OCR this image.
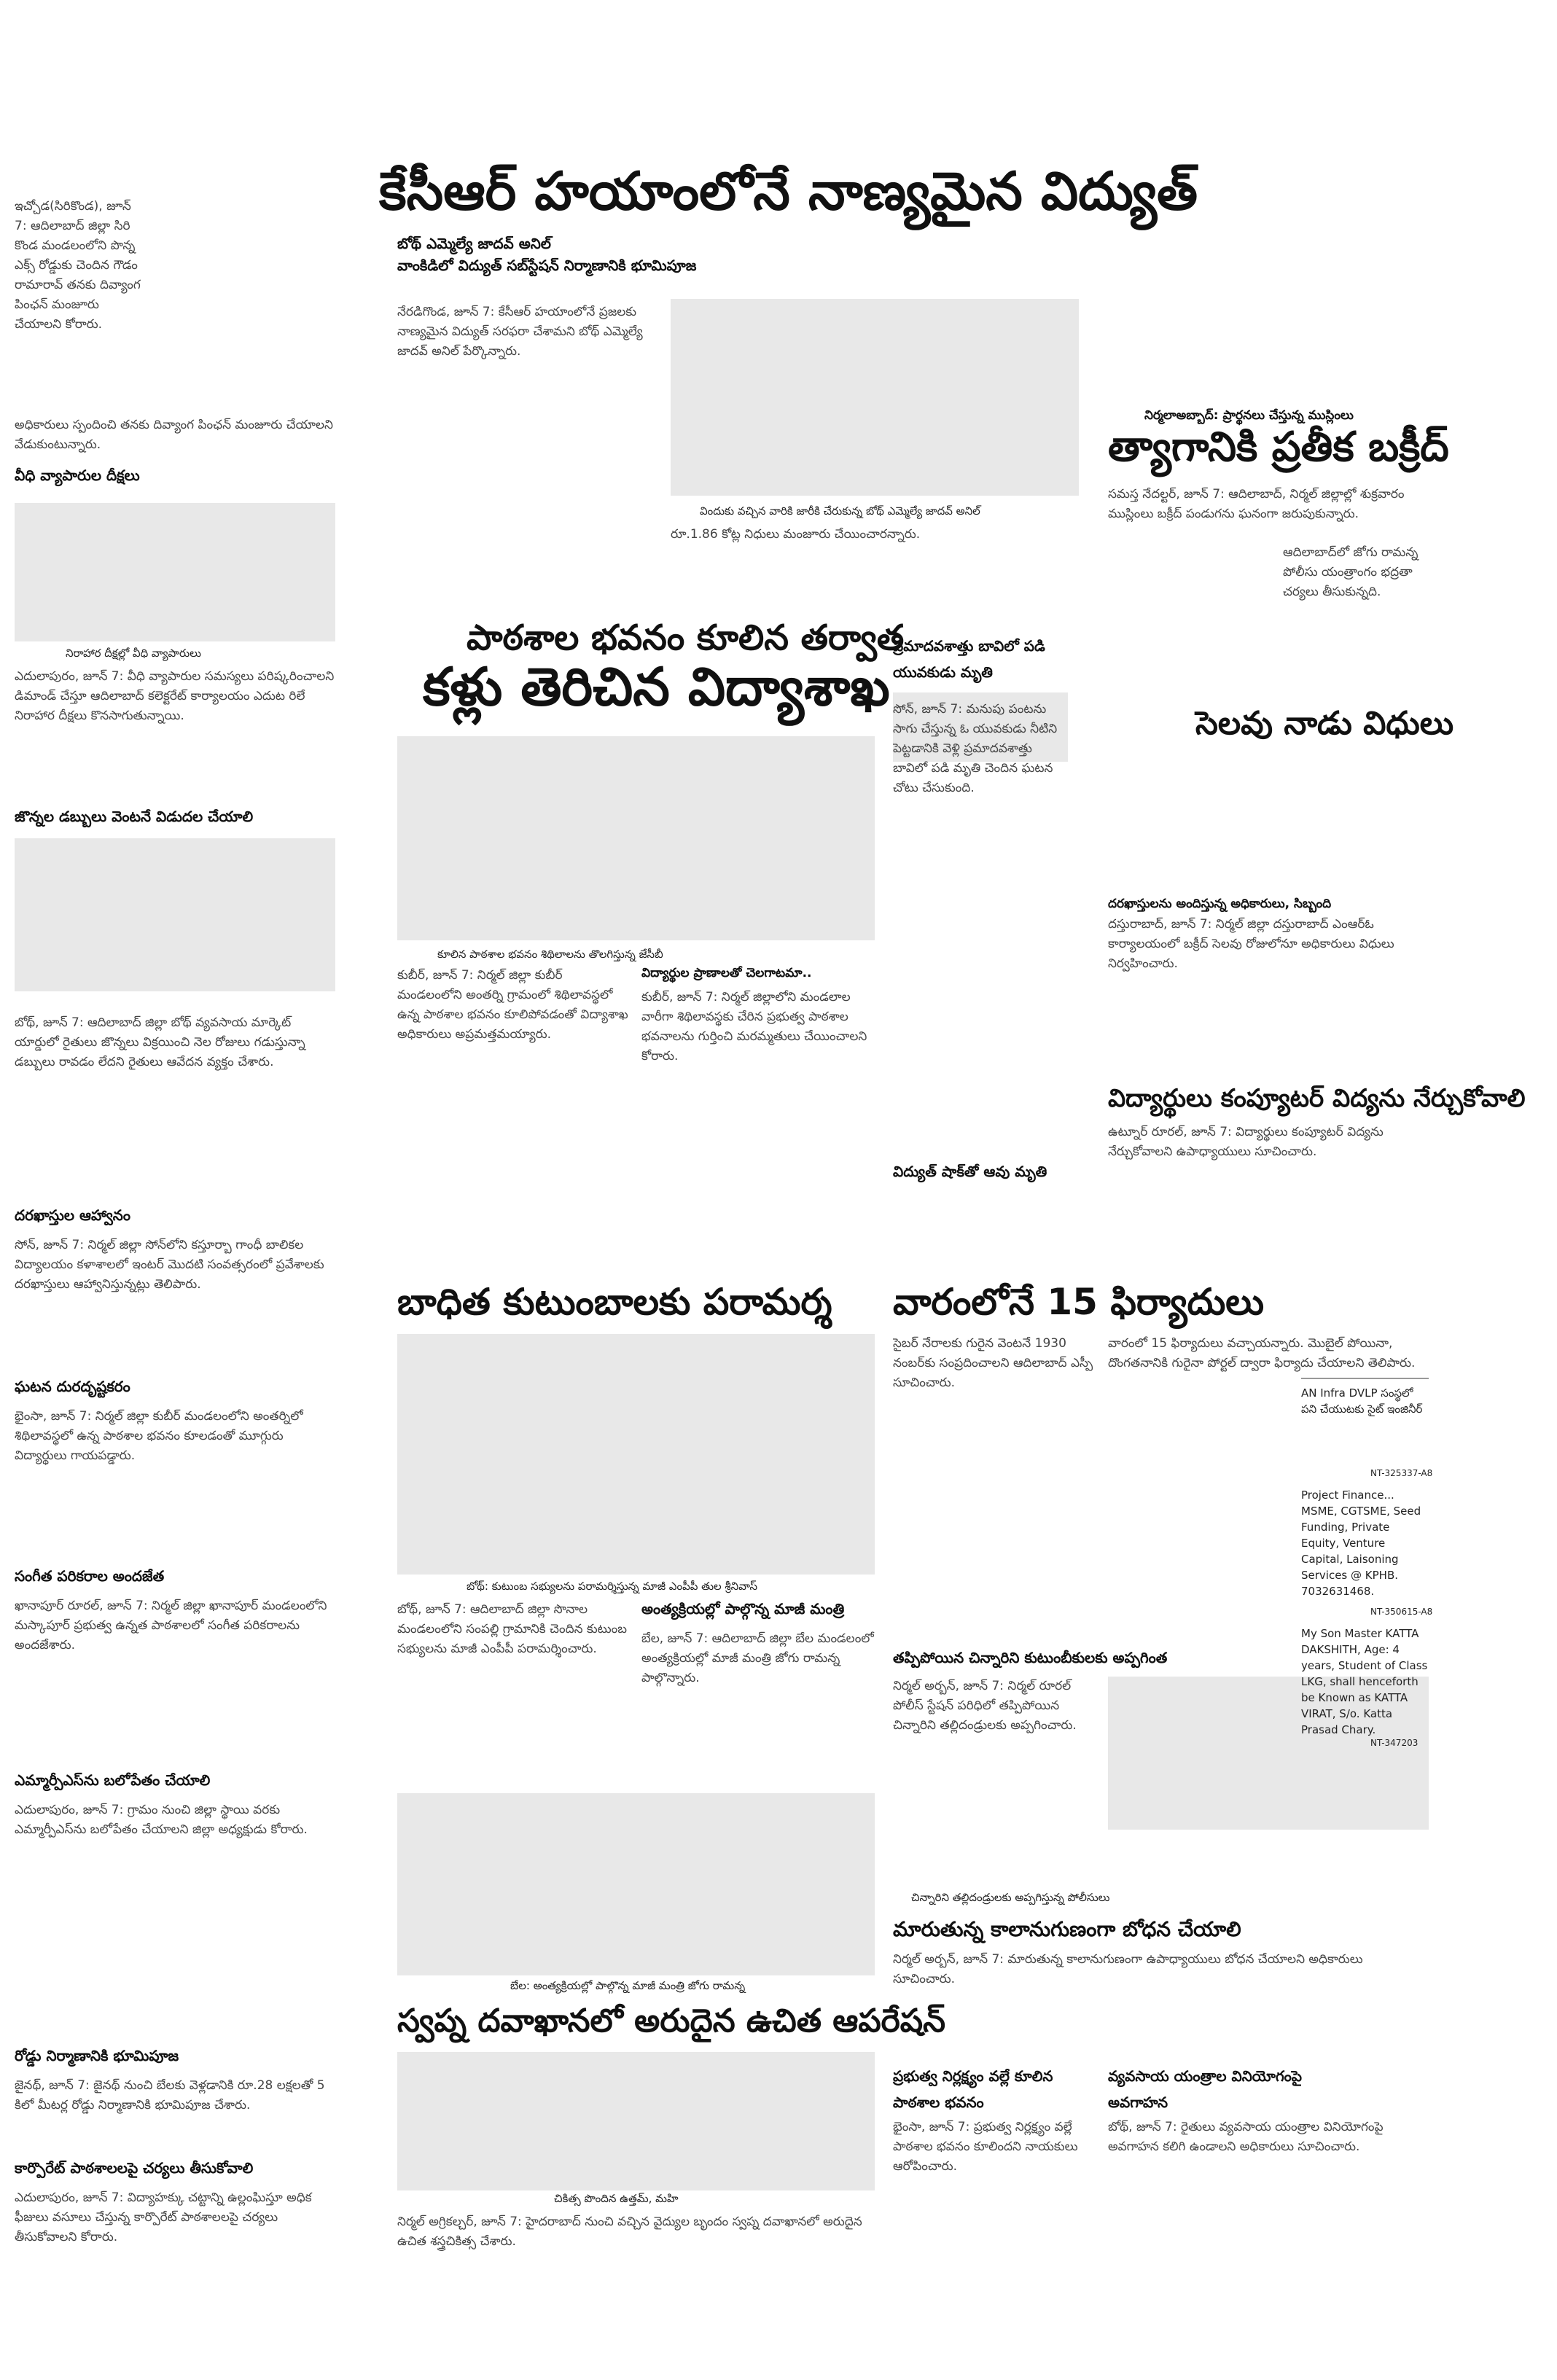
ఇచ్చోడ(సిరికొండ), జూన్ 7: ఆదిలాబాద్ జిల్లా సిరి కొండ మండలంలోని పొన్న ఎక్స్ రోడ్డుకు చెందిన గౌడం రామారావ్ తనకు దివ్యాంగ పింఛన్ మంజూరు చేయాలని కోరారు.
అధికారులు స్పందించి తనకు దివ్యాంగ పింఛన్ మంజూరు చేయాలని వేడుకుంటున్నారు.
వీధి వ్యాపారుల దీక్షలు
నిరాహార దీక్షల్లో వీధి వ్యాపారులు
ఎదులాపురం, జూన్ 7: వీధి వ్యాపారుల సమస్యలు పరిష్కరించాలని డిమాండ్ చేస్తూ ఆదిలాబాద్ కలెక్టరేట్ కార్యాలయం ఎదుట రిలే నిరాహార దీక్షలు కొనసాగుతున్నాయి.
జొన్నల డబ్బులు వెంటనే విడుదల చేయాలి
బోథ్, జూన్ 7: ఆదిలాబాద్ జిల్లా బోథ్ వ్యవసాయ మార్కెట్ యార్డులో రైతులు జొన్నలు విక్రయించి నెల రోజులు గడుస్తున్నా డబ్బులు రావడం లేదని రైతులు ఆవేదన వ్యక్తం చేశారు.
దరఖాస్తుల ఆహ్వానం
సోన్, జూన్ 7: నిర్మల్ జిల్లా సోన్‌లోని కస్తూర్బా గాంధీ బాలికల విద్యాలయం కళాశాలలో ఇంటర్ మొదటి సంవత్సరంలో ప్రవేశాలకు దరఖాస్తులు ఆహ్వానిస్తున్నట్లు తెలిపారు.
ఘటన దురదృష్టకరం
భైంసా, జూన్ 7: నిర్మల్ జిల్లా కుబీర్ మండలంలోని అంతర్నిలో శిథిలావస్థలో ఉన్న పాఠశాల భవనం కూలడంతో మూగ్గురు విద్యార్థులు గాయపడ్డారు.
సంగీత పరికరాల అందజేత
ఖానాపూర్ రూరల్, జూన్ 7: నిర్మల్ జిల్లా ఖానాపూర్ మండలంలోని మస్కాపూర్ ప్రభుత్వ ఉన్నత పాఠశాలలో సంగీత పరికరాలను అందజేశారు.
ఎమ్మార్పీఎస్‌ను బలోపేతం చేయాలి
ఎదులాపురం, జూన్ 7: గ్రామం నుంచి జిల్లా స్థాయి వరకు ఎమ్మార్పీఎస్‌ను బలోపేతం చేయాలని జిల్లా అధ్యక్షుడు కోరారు.
రోడ్డు నిర్మాణానికి భూమిపూజ
జైనథ్, జూన్ 7: జైనథ్ నుంచి బేలకు వెళ్లడానికి రూ.28 లక్షలతో 5 కిలో మీటర్ల రోడ్డు నిర్మాణానికి భూమిపూజ చేశారు.
కార్పొరేట్ పాఠశాలలపై చర్యలు తీసుకోవాలి
ఎదులాపురం, జూన్ 7: విద్యాహక్కు చట్టాన్ని ఉల్లంఘిస్తూ అధిక ఫీజులు వసూలు చేస్తున్న కార్పొరేట్ పాఠశాలలపై చర్యలు తీసుకోవాలని కోరారు.
కేసీఆర్ హయాంలోనే నాణ్యమైన విద్యుత్
బోథ్ ఎమ్మెల్యే జాదవ్ అనిల్
వాంకిడిలో విద్యుత్ సబ్‌స్టేషన్ నిర్మాణానికి భూమిపూజ
నేరడిగొండ, జూన్ 7: కేసీఆర్ హయాంలోనే ప్రజలకు నాణ్యమైన విద్యుత్ సరఫరా చేశామని బోథ్ ఎమ్మెల్యే జాదవ్ అనిల్ పేర్కొన్నారు.
విందుకు వచ్చిన వారికి జారీకి చేరుకున్న బోథ్ ఎమ్మెల్యే జాదవ్ అనిల్
రూ.1.86 కోట్ల నిధులు మంజూరు చేయించారన్నారు.
నిర్మలాఅబ్బాద్: ప్రార్థనలు చేస్తున్న ముస్లింలు
త్యాగానికి ప్రతీక బక్రీద్
సమస్త నేదల్టర్, జూన్ 7: ఆదిలాబాద్, నిర్మల్ జిల్లాల్లో శుక్రవారం ముస్లింలు బక్రీద్ పండుగను ఘనంగా జరుపుకున్నారు.
ఆదిలాబాద్‌లో జోగు రామన్న పోలీసు యంత్రాంగం భద్రతా చర్యలు తీసుకున్నది.
సెలవు నాడు విధులు
పాఠశాల భవనం కూలిన తర్వాత
కళ్లు తెరిచిన విద్యాశాఖ
కూలిన పాఠశాల భవనం శిథిలాలను తొలగిస్తున్న జేసీబీ
కుబీర్, జూన్ 7: నిర్మల్ జిల్లా కుబీర్ మండలంలోని అంతర్ని గ్రామంలో శిథిలావస్థలో ఉన్న పాఠశాల భవనం కూలిపోవడంతో విద్యాశాఖ అధికారులు అప్రమత్తమయ్యారు.
విద్యార్థుల ప్రాణాలతో చెలగాటమా..
కుబీర్, జూన్ 7: నిర్మల్ జిల్లాలోని మండలాల వారీగా శిథిలావస్థకు చేరిన ప్రభుత్వ పాఠశాల భవనాలను గుర్తించి మరమ్మతులు చేయించాలని కోరారు.
ప్రమాదవశాత్తు బావిలో పడి యువకుడు మృతి
సోన్, జూన్ 7: మనుపు పంటను సాగు చేస్తున్న ఓ యువకుడు నీటిని పెట్టడానికి వెళ్లి ప్రమాదవశాత్తు బావిలో పడి మృతి చెందిన ఘటన చోటు చేసుకుంది.
విద్యుత్ షాక్‌తో ఆవు మృతి
దరఖాస్తులను అందిస్తున్న అధికారులు, సిబ్బంది
దస్తురాబాద్, జూన్ 7: నిర్మల్ జిల్లా దస్తురాబాద్ ఎంఆర్ఓ కార్యాలయంలో బక్రీద్ సెలవు రోజులోనూ అధికారులు విధులు నిర్వహించారు.
విద్యార్థులు కంప్యూటర్ విద్యను నేర్చుకోవాలి
ఉట్నూర్ రూరల్, జూన్ 7: విద్యార్థులు కంప్యూటర్ విద్యను నేర్చుకోవాలని ఉపాధ్యాయులు సూచించారు.
బాధిత కుటుంబాలకు పరామర్శ
బోథ్: కుటుంబ సభ్యులను పరామర్శిస్తున్న మాజీ ఎంపీపీ తుల శ్రీనివాస్
బోథ్, జూన్ 7: ఆదిలాబాద్ జిల్లా సొనాల మండలంలోని సంపల్లి గ్రామానికి చెందిన కుటుంబ సభ్యులను మాజీ ఎంపీపీ పరామర్శించారు.
అంత్యక్రియల్లో పాల్గొన్న మాజీ మంత్రి
బేల, జూన్ 7: ఆదిలాబాద్ జిల్లా బేల మండలంలో అంత్యక్రియల్లో మాజీ మంత్రి జోగు రామన్న పాల్గొన్నారు.
బేల: అంత్యక్రియల్లో పాల్గొన్న మాజీ మంత్రి జోగు రామన్న
స్వప్న దవాఖానలో అరుదైన ఉచిత ఆపరేషన్
చికిత్స పొందిన ఉత్తమ్, మహి
నిర్మల్ అగ్రికల్చర్, జూన్ 7: హైదరాబాద్ నుంచి వచ్చిన వైద్యుల బృందం స్వప్న దవాఖానలో అరుదైన ఉచిత శస్త్రచికిత్స చేశారు.
వారంలోనే 15 ఫిర్యాదులు
సైబర్ నేరాలకు గురైన వెంటనే 1930 నంబర్‌కు సంప్రదించాలని ఆదిలాబాద్ ఎస్పీ సూచించారు.
వారంలో 15 ఫిర్యాదులు వచ్చాయన్నారు. మొబైల్ పోయినా, దొంగతనానికి గురైనా పోర్టల్ ద్వారా ఫిర్యాదు చేయాలని తెలిపారు.
తప్పిపోయిన చిన్నారిని కుటుంబీకులకు అప్పగింత
నిర్మల్ అర్బన్, జూన్ 7: నిర్మల్ రూరల్ పోలీస్ స్టేషన్ పరిధిలో తప్పిపోయిన చిన్నారిని తల్లిదండ్రులకు అప్పగించారు.
చిన్నారిని తల్లిదండ్రులకు అప్పగిస్తున్న పోలీసులు
మారుతున్న కాలానుగుణంగా బోధన చేయాలి
నిర్మల్ అర్బన్, జూన్ 7: మారుతున్న కాలానుగుణంగా ఉపాధ్యాయులు బోధన చేయాలని అధికారులు సూచించారు.
ప్రభుత్వ నిర్లక్ష్యం వల్లే కూలిన పాఠశాల భవనం
భైంసా, జూన్ 7: ప్రభుత్వ నిర్లక్ష్యం వల్లే పాఠశాల భవనం కూలిందని నాయకులు ఆరోపించారు.
వ్యవసాయ యంత్రాల వినియోగంపై అవగాహన
బోథ్, జూన్ 7: రైతులు వ్యవసాయ యంత్రాల వినియోగంపై అవగాహన కలిగి ఉండాలని అధికారులు సూచించారు.
AN Infra DVLP సంస్థలో పని చేయుటకు సైట్ ఇంజినీర్
NT-325337-A8
Project Finance... MSME, CGTSME, Seed Funding, Private Equity, Venture Capital, Laisoning Services @ KPHB. 7032631468.
NT-350615-A8
My Son Master KATTA DAKSHITH, Age: 4 years, Student of Class LKG, shall henceforth be Known as KATTA VIRAT, S/o. Katta Prasad Chary.
NT-347203
